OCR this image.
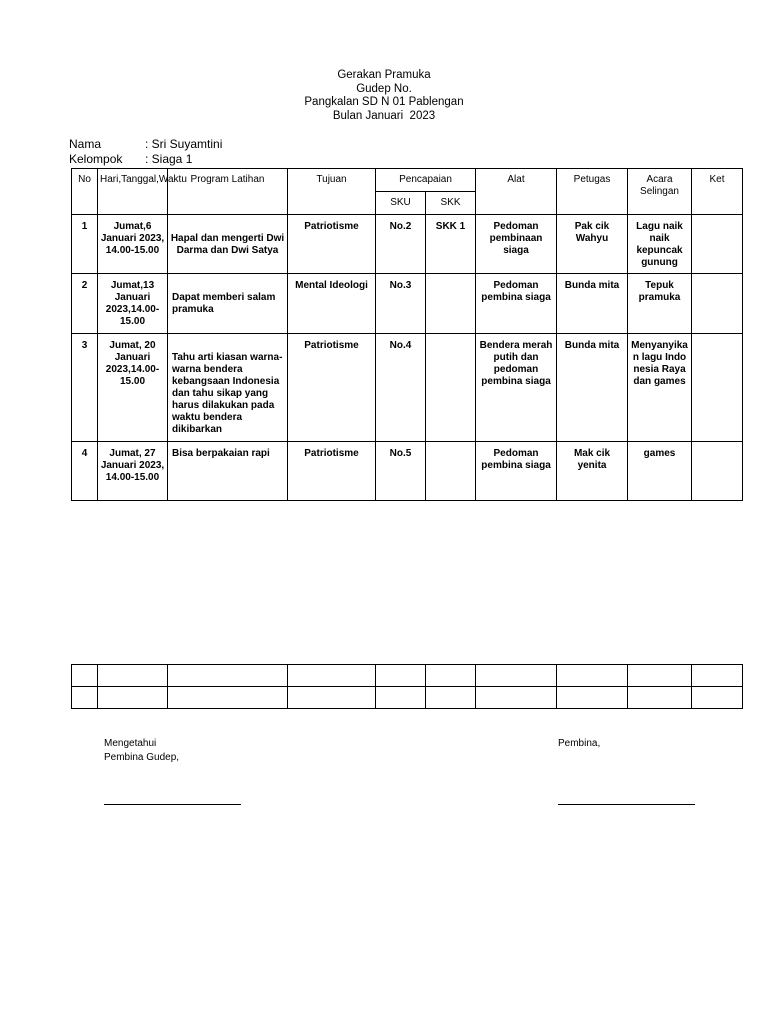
Gerakan Pramuka
Gudep No.
Pangkalan SD N 01 Pablengan
Bulan Januari  2023
Nama	: Sri Suyamtini
Kelompok : Siaga 1
No	Hari,Tanggal,Waktu	Program Latihan	Tujuan	Pencapaian		Alat	Petugas	Acara Selingan	Ket
				SKU	SKK				
1	Jumat,6 Januari 2023, 14.00-15.00	Hapal dan mengerti Dwi Darma dan Dwi Satya	Patriotisme	No.2	SKK 1	Pedoman pembinaan siaga	Pak cik Wahyu	Lagu naik naik kepuncak gunung	
2	Jumat,13 Januari 2023,14.00-15.00	Dapat memberi salam pramuka	Mental Ideologi	No.3		Pedoman pembina siaga	Bunda mita	Tepuk pramuka	
3	Jumat, 20 Januari 2023,14.00-15.00	Tahu arti kiasan warna-warna bendera kebangsaan Indonesia dan tahu sikap yang harus dilakukan pada waktu bendera dikibarkan	Patriotisme	No.4		Bendera merah putih dan pedoman pembina siaga	Bunda mita	Menyanyikan lagu Indonesia Raya dan games	
4	Jumat, 27 Januari 2023, 14.00-15.00	Bisa berpakaian rapi	Patriotisme	No.5		Pedoman pembina siaga	Mak cik yenita	games	

Mengetahui
Pembina Gudep,
Pembina,
